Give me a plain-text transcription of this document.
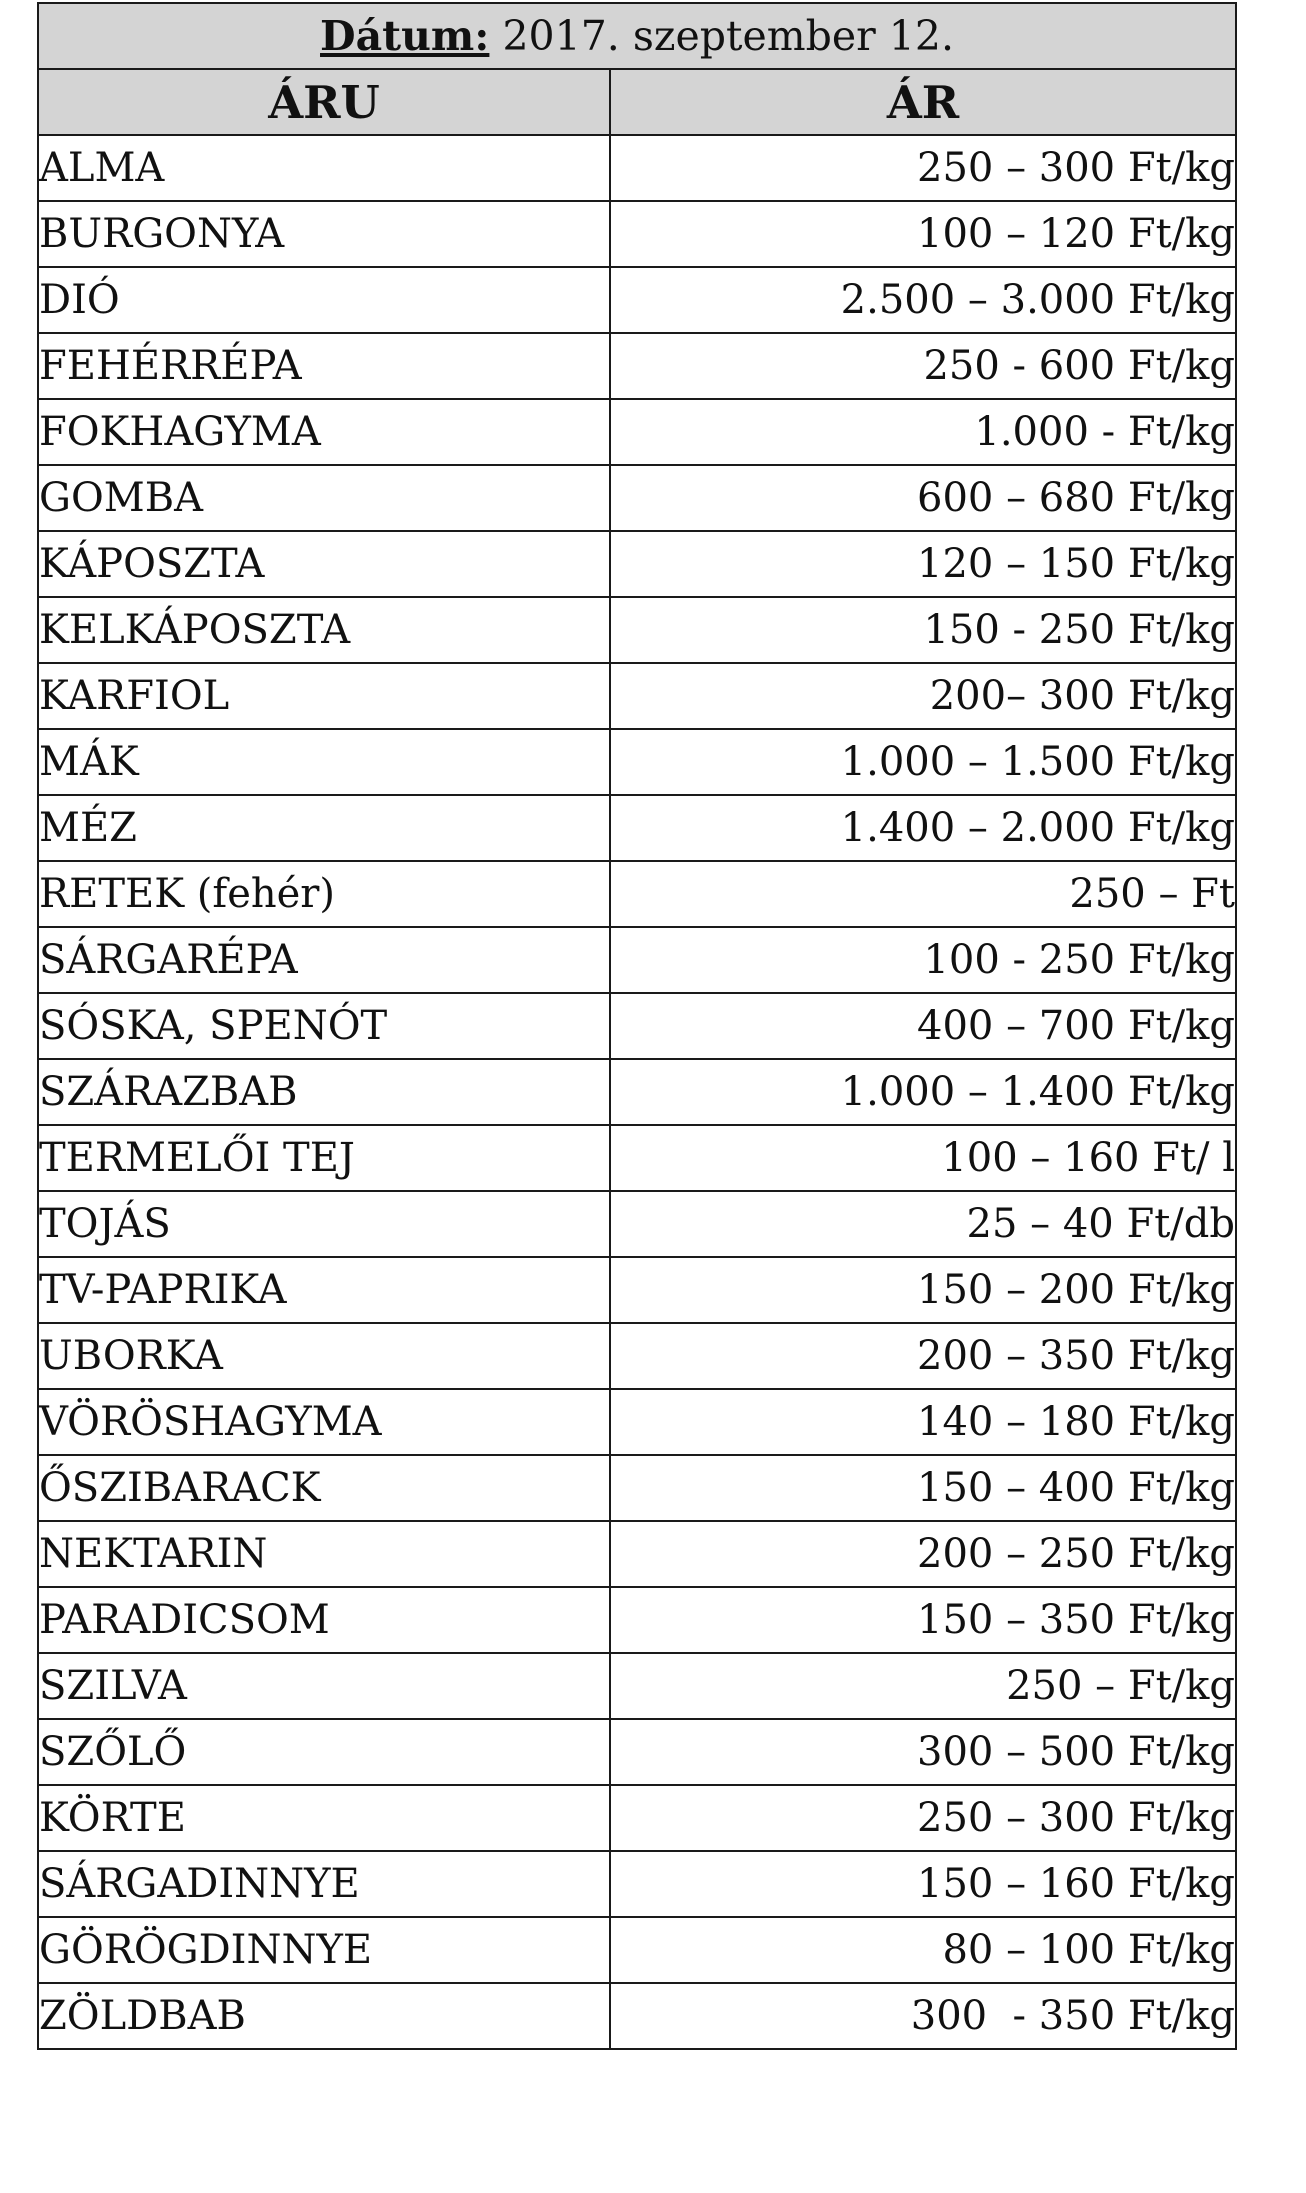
Dátum: 2017. szeptember 12.	
ÁRU	ÁR
ALMA	250 – 300 Ft/kg
BURGONYA	100 – 120 Ft/kg
DIÓ	2.500 – 3.000 Ft/kg
FEHÉRRÉPA	250 - 600 Ft/kg
FOKHAGYMA	1.000 - Ft/kg
GOMBA	600 – 680 Ft/kg
KÁPOSZTA	120 – 150 Ft/kg
KELKÁPOSZTA	150 - 250 Ft/kg
KARFIOL	200– 300 Ft/kg
MÁK	1.000 – 1.500 Ft/kg
MÉZ	1.400 – 2.000 Ft/kg
RETEK (fehér)	250 – Ft
SÁRGARÉPA	100 - 250 Ft/kg
SÓSKA, SPENÓT	400 – 700 Ft/kg
SZÁRAZBAB	1.000 – 1.400 Ft/kg
TERMELŐI TEJ	100 – 160 Ft/ l
TOJÁS	25 – 40 Ft/db
TV-PAPRIKA	150 – 200 Ft/kg
UBORKA	200 – 350 Ft/kg
VÖRÖSHAGYMA	140 – 180 Ft/kg
ŐSZIBARACK	150 – 400 Ft/kg
NEKTARIN	200 – 250 Ft/kg
PARADICSOM	150 – 350 Ft/kg
SZILVA	250 – Ft/kg
SZŐLŐ	300 – 500 Ft/kg
KÖRTE	250 – 300 Ft/kg
SÁRGADINNYE	150 – 160 Ft/kg
GÖRÖGDINNYE	80 – 100 Ft/kg
ZÖLDBAB	300  - 350 Ft/kg
